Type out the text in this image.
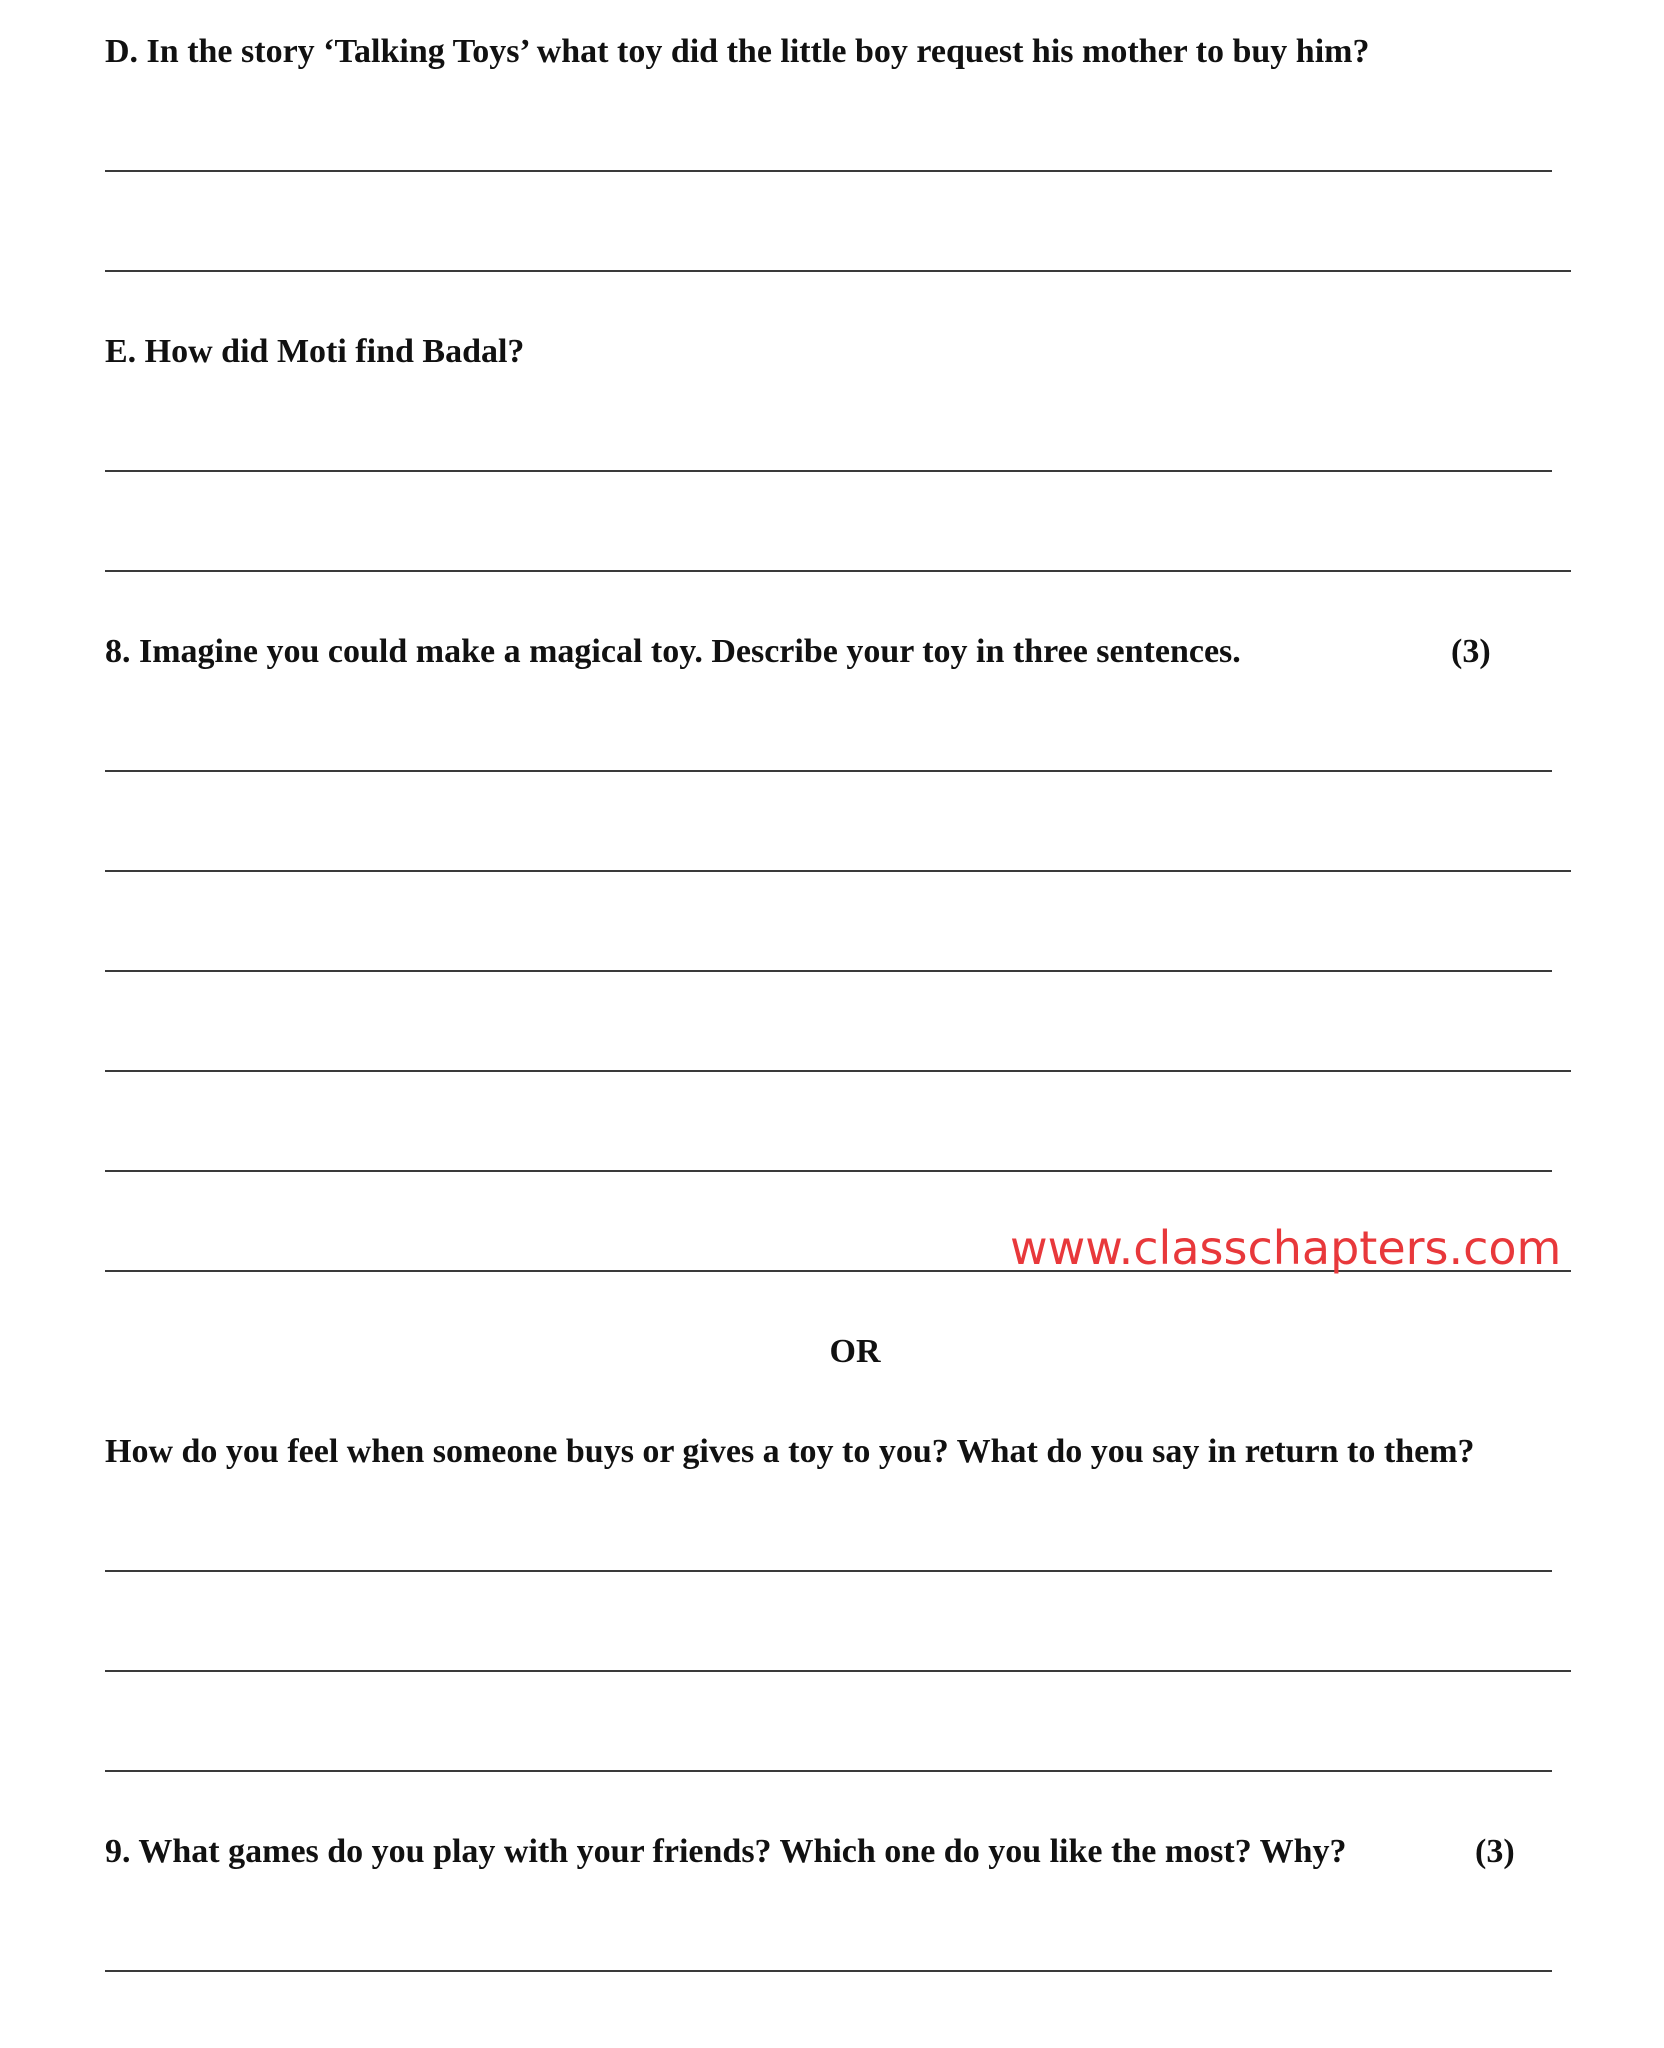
D. In the story ‘Talking Toys’ what toy did the little boy request his mother to buy him?
E. How did Moti find Badal?
8. Imagine you could make a magical toy. Describe your toy in three sentences.	(3)
www.classchapters.com
OR
How do you feel when someone buys or gives a toy to you? What do you say in return to them?
9. What games do you play with your friends? Which one do you like the most? Why?	(3)
